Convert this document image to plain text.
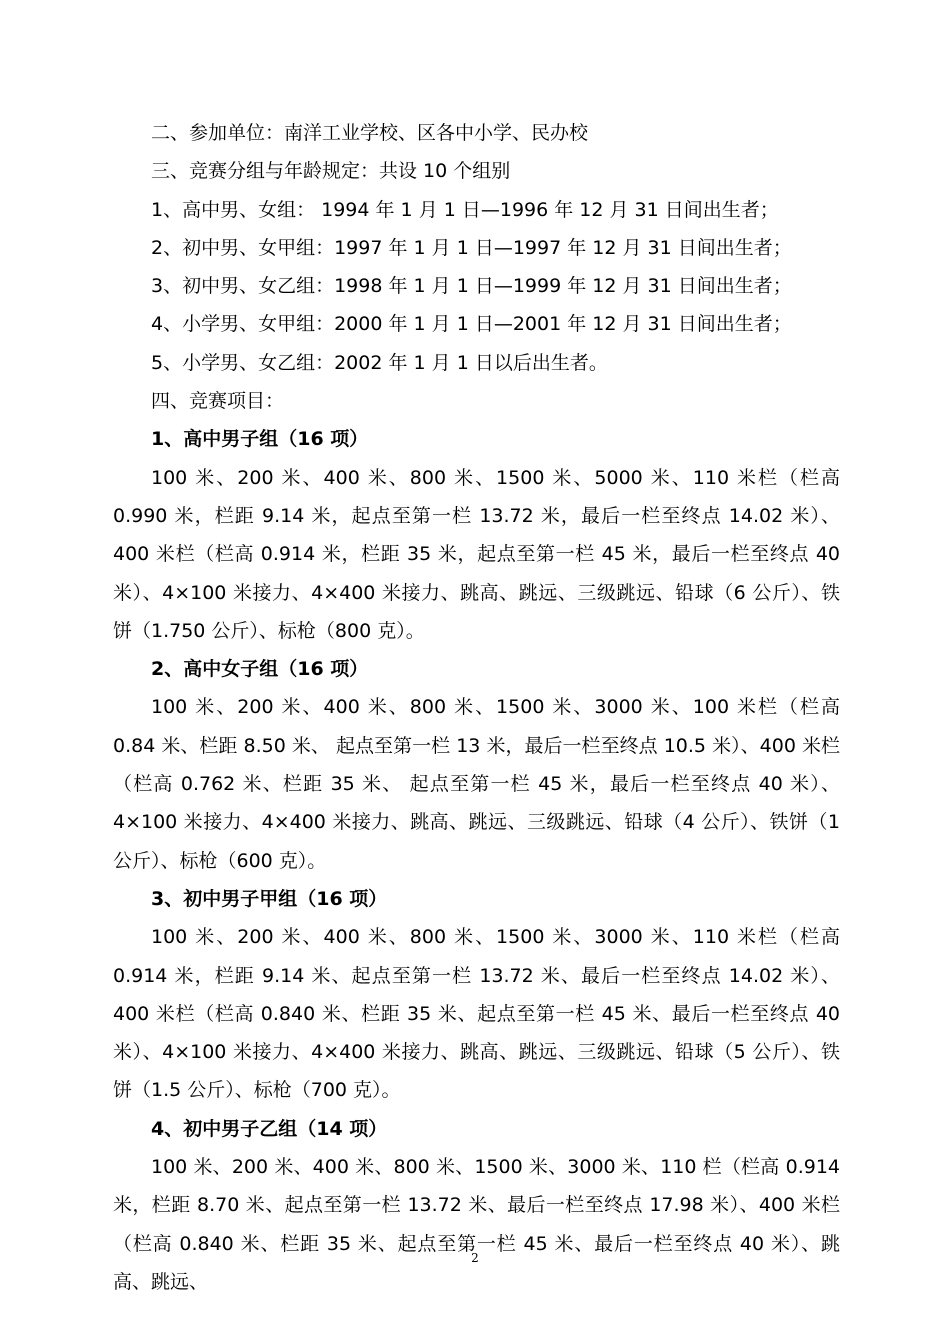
二、参加单位：南洋工业学校、区各中小学、民办校

三、竞赛分组与年龄规定：共设 10 个组别

1、高中男、女组： 1994 年 1 月 1 日—1996 年 12 月 31 日间出生者；

2、初中男、女甲组：1997 年 1 月 1 日—1997 年 12 月 31 日间出生者；

3、初中男、女乙组：1998 年 1 月 1 日—1999 年 12 月 31 日间出生者；

4、小学男、女甲组：2000 年 1 月 1 日—2001 年 12 月 31 日间出生者；

5、小学男、女乙组：2002 年 1 月 1 日以后出生者。

四、竞赛项目：

1、高中男子组（16 项）

100 米、200 米、400 米、800 米、1500 米、5000 米、110 米栏（栏高 0.990 米，栏距 9.14 米，起点至第一栏 13.72 米，最后一栏至终点 14.02 米）、400 米栏（栏高 0.914 米，栏距 35 米，起点至第一栏 45 米，最后一栏至终点 40 米）、4×100 米接力、4×400 米接力、跳高、跳远、三级跳远、铅球（6 公斤）、铁饼（1.750 公斤）、标枪（800 克）。

2、高中女子组（16 项）

100 米、200 米、400 米、800 米、1500 米、3000 米、100 米栏（栏高 0.84 米、栏距 8.50 米、 起点至第一栏 13 米，最后一栏至终点 10.5 米）、400 米栏（栏高 0.762 米、栏距 35 米、 起点至第一栏 45 米，最后一栏至终点 40 米）、4×100 米接力、4×400 米接力、跳高、跳远、三级跳远、铅球（4 公斤）、铁饼（1 公斤）、标枪（600 克）。

3、初中男子甲组（16 项）

100 米、200 米、400 米、800 米、1500 米、3000 米、110 米栏（栏高 0.914 米，栏距 9.14 米、起点至第一栏 13.72 米、最后一栏至终点 14.02 米）、400 米栏（栏高 0.840 米、栏距 35 米、起点至第一栏 45 米、最后一栏至终点 40 米）、4×100 米接力、4×400 米接力、跳高、跳远、三级跳远、铅球（5 公斤）、铁饼（1.5 公斤）、标枪（700 克）。

4、初中男子乙组（14 项）

100 米、200 米、400 米、800 米、1500 米、3000 米、110 栏（栏高 0.914 米，栏距 8.70 米、起点至第一栏 13.72 米、最后一栏至终点 17.98 米）、400 米栏（栏高 0.840 米、栏距 35 米、起点至第一栏 45 米、最后一栏至终点 40 米）、跳高、跳远、

2
